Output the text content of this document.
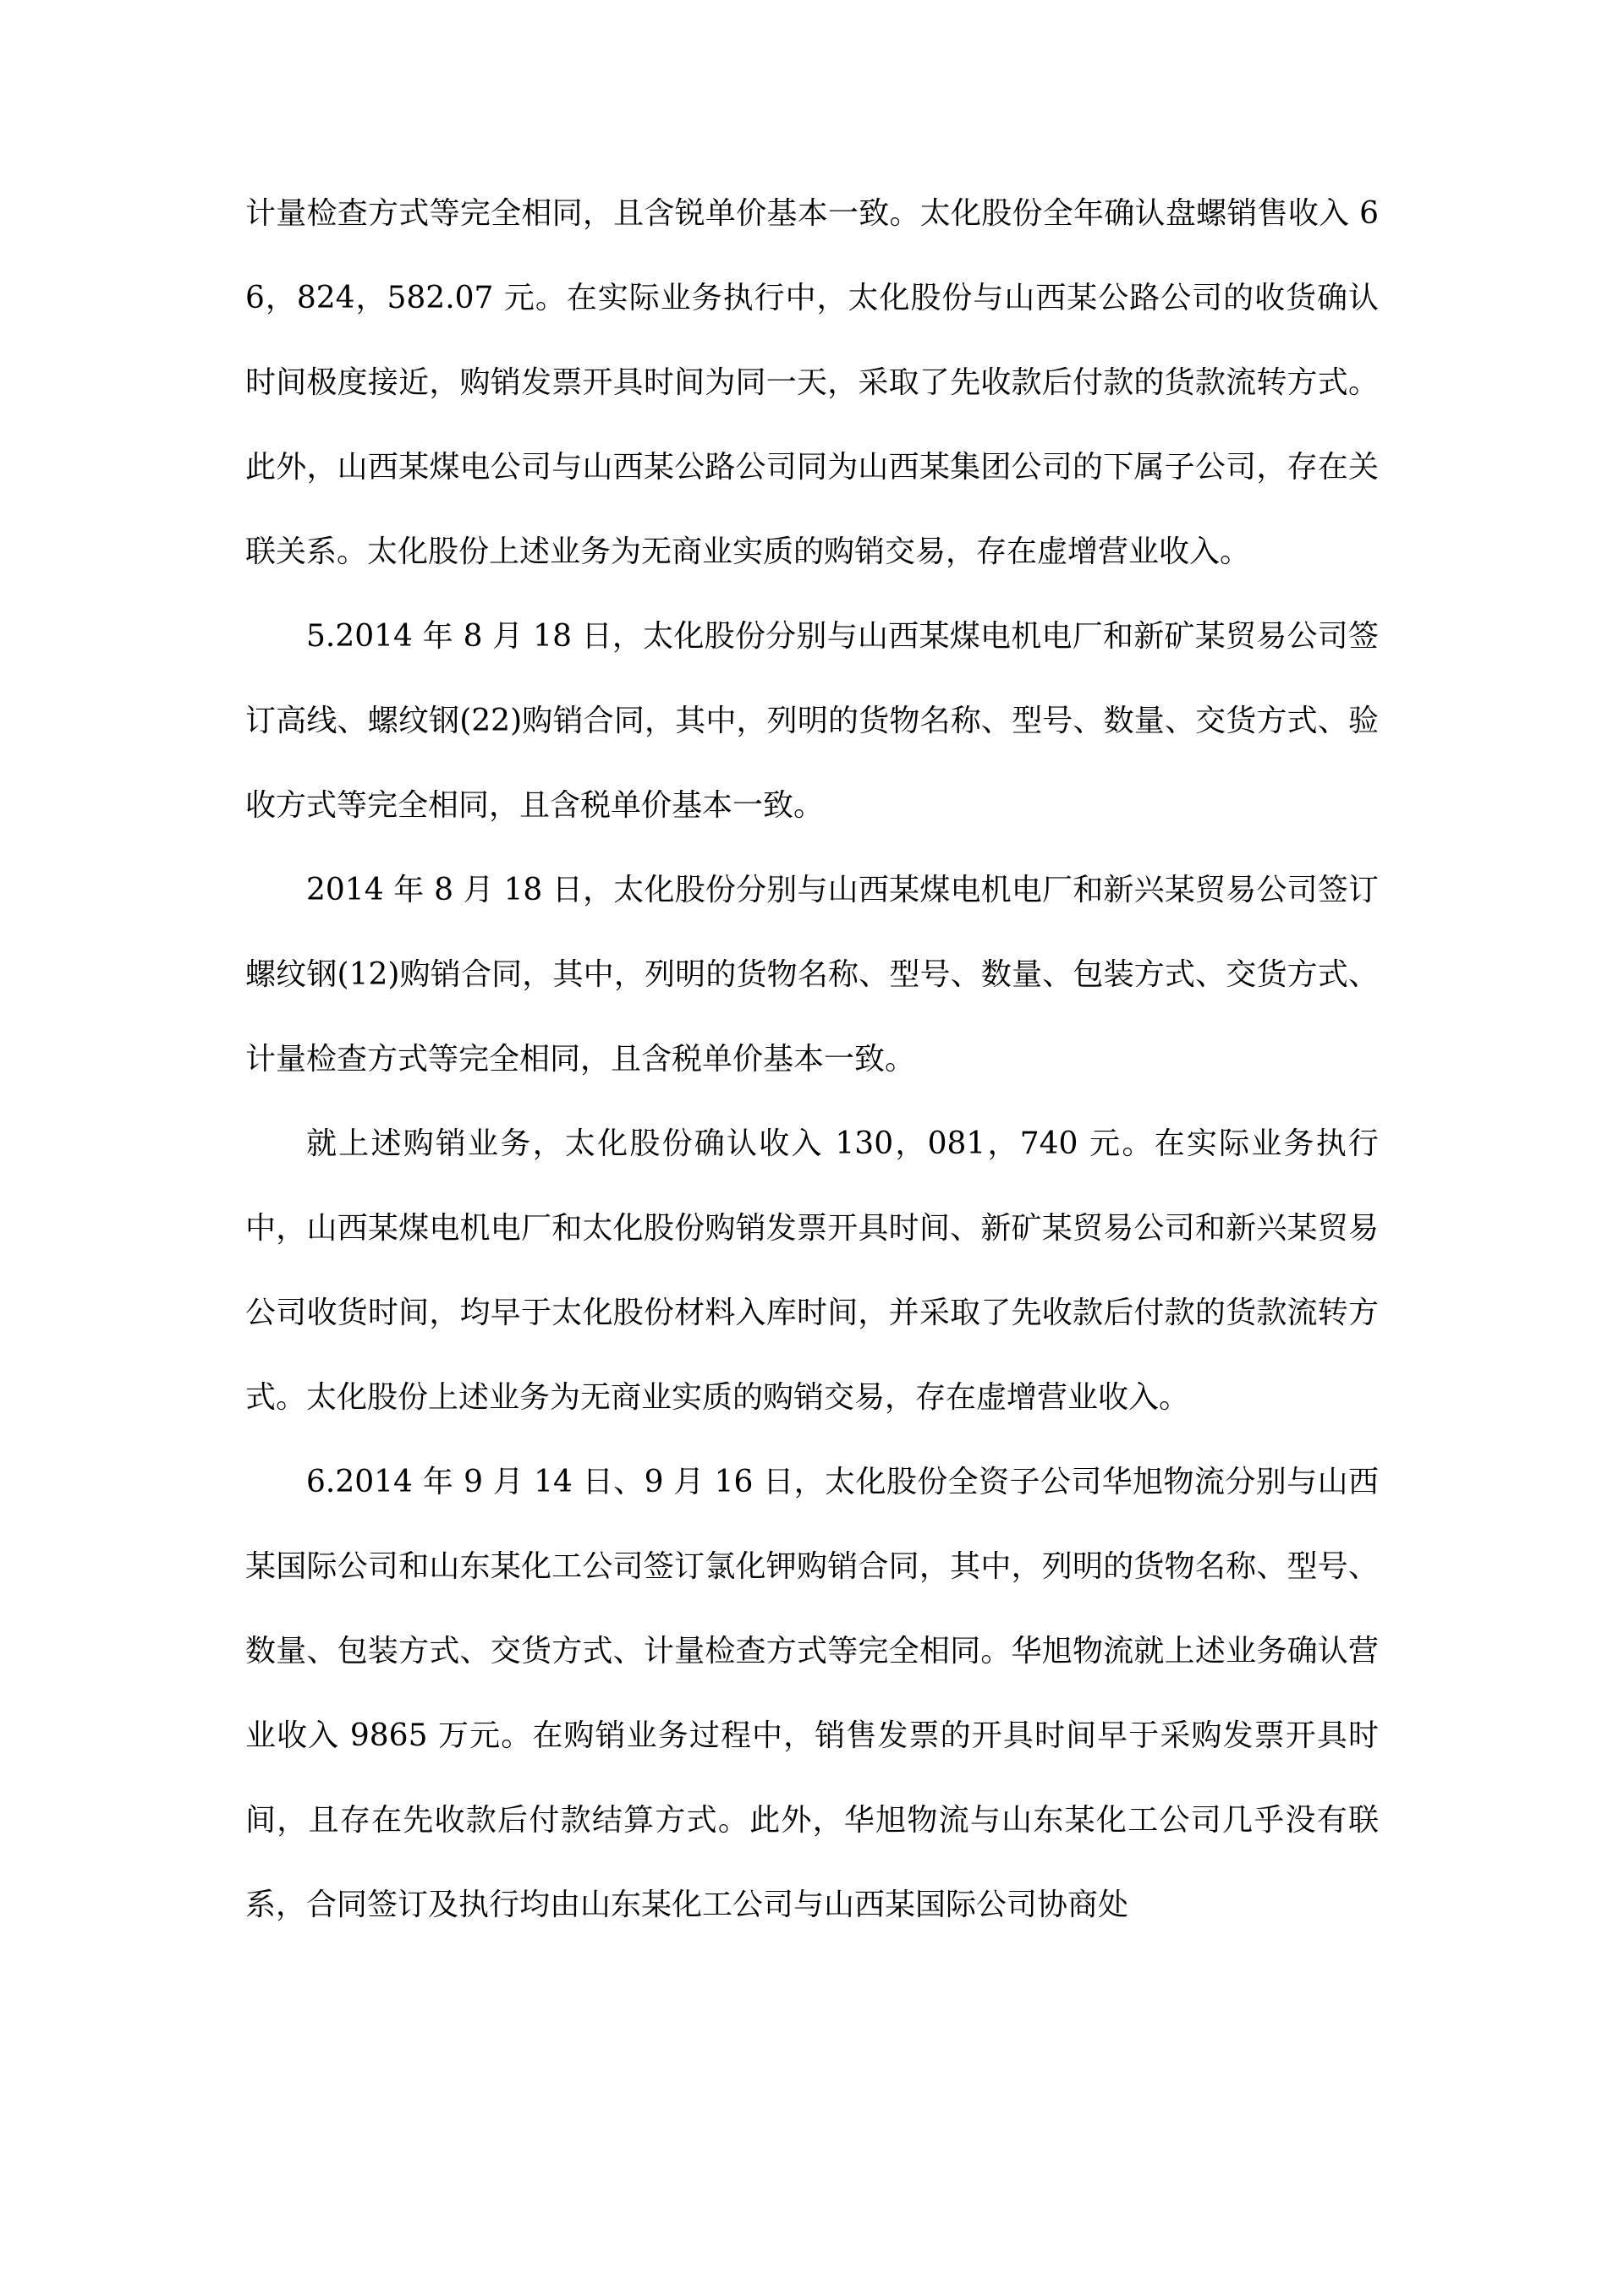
计量检查方式等完全相同，且含锐单价基本一致。太化股份全年确认盘螺销售收入 66，824，582.07 元。在实际业务执行中，太化股份与山西某公路公司的收货确认时间极度接近，购销发票开具时间为同一天，采取了先收款后付款的货款流转方式。此外，山西某煤电公司与山西某公路公司同为山西某集团公司的下属子公司，存在关联关系。太化股份上述业务为无商业实质的购销交易，存在虚增营业收入。

5.2014 年 8 月 18 日，太化股份分别与山西某煤电机电厂和新矿某贸易公司签订高线、螺纹钢(22)购销合同，其中，列明的货物名称、型号、数量、交货方式、验收方式等完全相同，且含税单价基本一致。

2014 年 8 月 18 日，太化股份分别与山西某煤电机电厂和新兴某贸易公司签订螺纹钢(12)购销合同，其中，列明的货物名称、型号、数量、包装方式、交货方式、计量检查方式等完全相同，且含税单价基本一致。

就上述购销业务，太化股份确认收入 130，081，740 元。在实际业务执行中，山西某煤电机电厂和太化股份购销发票开具时间、新矿某贸易公司和新兴某贸易公司收货时间，均早于太化股份材料入库时间，并采取了先收款后付款的货款流转方式。太化股份上述业务为无商业实质的购销交易，存在虚增营业收入。

6.2014 年 9 月 14 日、9 月 16 日，太化股份全资子公司华旭物流分别与山西某国际公司和山东某化工公司签订氯化钾购销合同，其中，列明的货物名称、型号、数量、包装方式、交货方式、计量检查方式等完全相同。华旭物流就上述业务确认营业收入 9865 万元。在购销业务过程中，销售发票的开具时间早于采购发票开具时间，且存在先收款后付款结算方式。此外，华旭物流与山东某化工公司几乎没有联系，合同签订及执行均由山东某化工公司与山西某国际公司协商处
